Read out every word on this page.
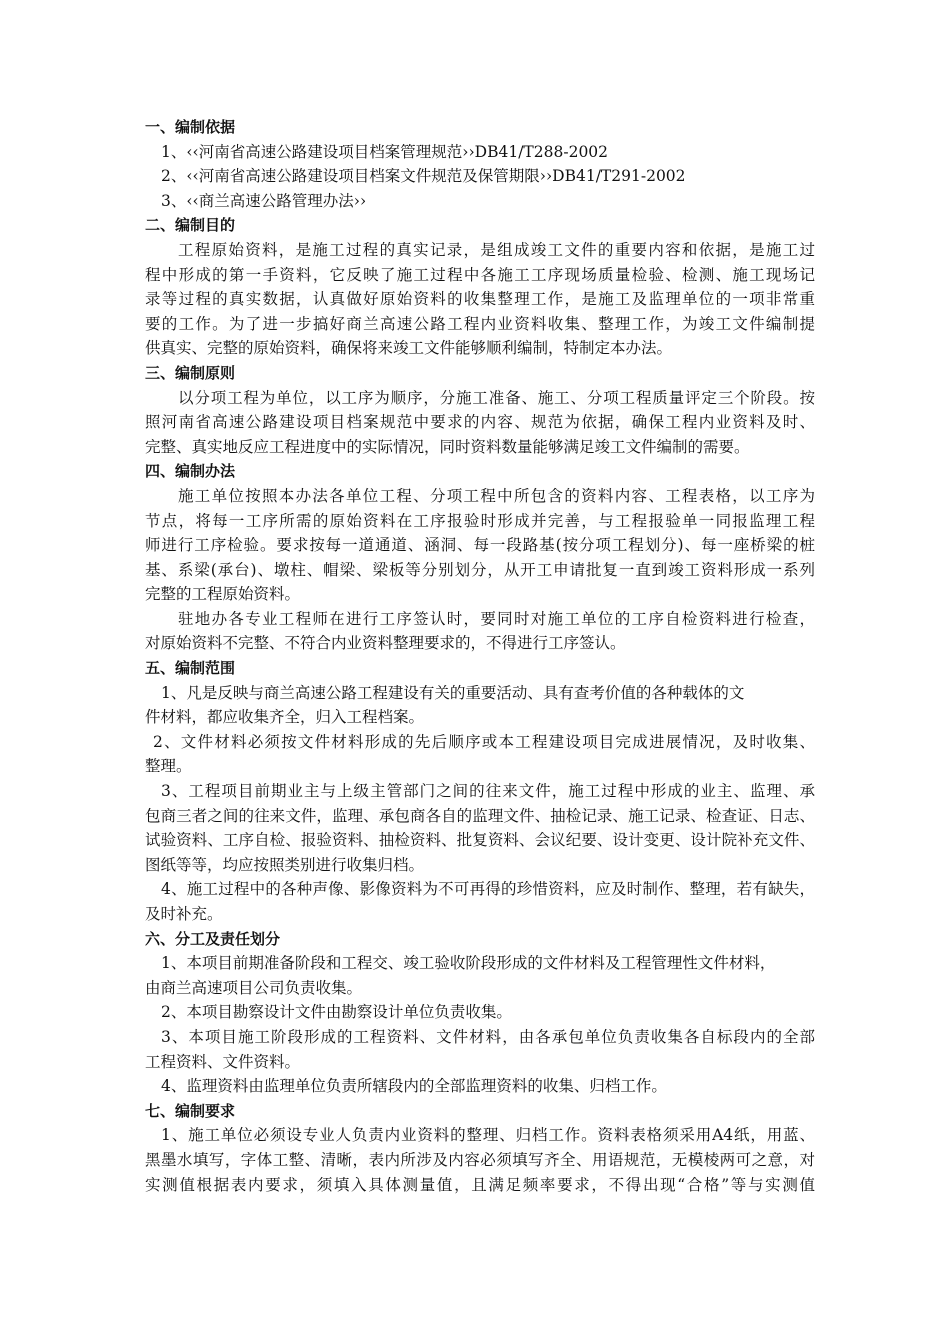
一、编制依据
1、‹‹河南省高速公路建设项目档案管理规范››DB41/T288-2002
2、‹‹河南省高速公路建设项目档案文件规范及保管期限››DB41/T291-2002
3、‹‹商兰高速公路管理办法››
二、编制目的
工程原始资料，是施工过程的真实记录，是组成竣工文件的重要内容和依据，是施工过
程中形成的第一手资料，它反映了施工过程中各施工工序现场质量检验、检测、施工现场记
录等过程的真实数据，认真做好原始资料的收集整理工作，是施工及监理单位的一项非常重
要的工作。为了进一步搞好商兰高速公路工程内业资料收集、整理工作，为竣工文件编制提
供真实、完整的原始资料，确保将来竣工文件能够顺利编制，特制定本办法。
三、编制原则
以分项工程为单位，以工序为顺序，分施工准备、施工、分项工程质量评定三个阶段。按
照河南省高速公路建设项目档案规范中要求的内容、规范为依据，确保工程内业资料及时、
完整、真实地反应工程进度中的实际情况，同时资料数量能够满足竣工文件编制的需要。
四、编制办法
施工单位按照本办法各单位工程、分项工程中所包含的资料内容、工程表格，以工序为
节点，将每一工序所需的原始资料在工序报验时形成并完善，与工程报验单一同报监理工程
师进行工序检验。要求按每一道通道、涵洞、每一段路基(按分项工程划分)、每一座桥梁的桩
基、系梁(承台)、墩柱、帽梁、梁板等分别划分，从开工申请批复一直到竣工资料形成一系列
完整的工程原始资料。
驻地办各专业工程师在进行工序签认时，要同时对施工单位的工序自检资料进行检查，
对原始资料不完整、不符合内业资料整理要求的，不得进行工序签认。
五、编制范围
1、凡是反映与商兰高速公路工程建设有关的重要活动、具有查考价值的各种载体的文
件材料，都应收集齐全，归入工程档案。
2、文件材料必须按文件材料形成的先后顺序或本工程建设项目完成进展情况，及时收集、
整理。
3、工程项目前期业主与上级主管部门之间的往来文件，施工过程中形成的业主、监理、承
包商三者之间的往来文件，监理、承包商各自的监理文件、抽检记录、施工记录、检查证、日志、
试验资料、工序自检、报验资料、抽检资料、批复资料、会议纪要、设计变更、设计院补充文件、
图纸等等，均应按照类别进行收集归档。
4、施工过程中的各种声像、影像资料为不可再得的珍惜资料，应及时制作、整理，若有缺失，
及时补充。
六、分工及责任划分
1、本项目前期准备阶段和工程交、竣工验收阶段形成的文件材料及工程管理性文件材料，
由商兰高速项目公司负责收集。
2、本项目勘察设计文件由勘察设计单位负责收集。
3、本项目施工阶段形成的工程资料、文件材料，由各承包单位负责收集各自标段内的全部
工程资料、文件资料。
4、监理资料由监理单位负责所辖段内的全部监理资料的收集、归档工作。
七、编制要求
1、施工单位必须设专业人负责内业资料的整理、归档工作。资料表格须采用A4纸，用蓝、
黑墨水填写，字体工整、清晰，表内所涉及内容必须填写齐全、用语规范，无模棱两可之意，对
实测值根据表内要求，须填入具体测量值，且满足频率要求，不得出现“合格”等与实测值
